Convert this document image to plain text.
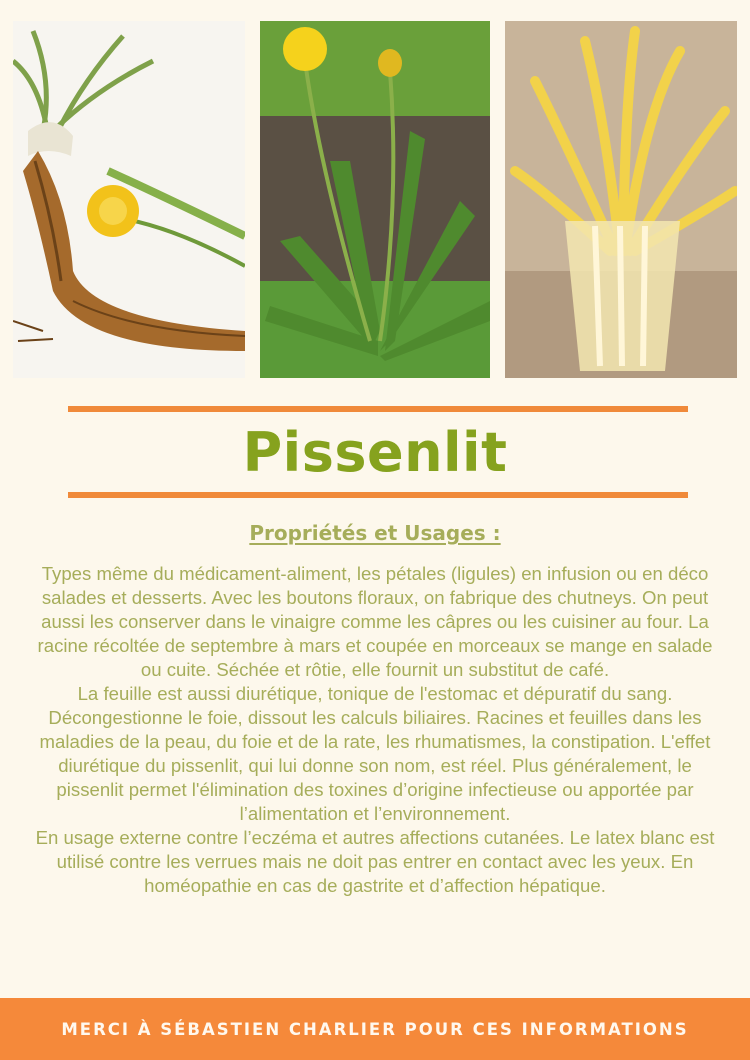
Pissenlit
Propriétés et Usages :

Types même du médicament-aliment, les pétales (ligules) en infusion ou en déco salades et desserts. Avec les boutons floraux, on fabrique des chutneys. On peut aussi les conserver dans le vinaigre comme les câpres ou les cuisiner au four. La racine récoltée de septembre à mars et coupée en morceaux se mange en salade ou cuite. Séchée et rôtie, elle fournit un substitut de café.

La feuille est aussi diurétique, tonique de l'estomac et dépuratif du sang. Décongestionne le foie, dissout les calculs biliaires. Racines et feuilles dans les maladies de la peau, du foie et de la rate, les rhumatismes, la constipation. L'effet diurétique du pissenlit, qui lui donne son nom, est réel. Plus généralement, le pissenlit permet l'élimination des toxines d’origine infectieuse ou apportée par l’alimentation et l’environnement.

En usage externe contre l’eczéma et autres affections cutanées. Le latex blanc est utilisé contre les verrues mais ne doit pas entrer en contact avec les yeux. En homéopathie en cas de gastrite et d’affection hépatique.

MERCI À SÉBASTIEN CHARLIER POUR CES INFORMATIONS
